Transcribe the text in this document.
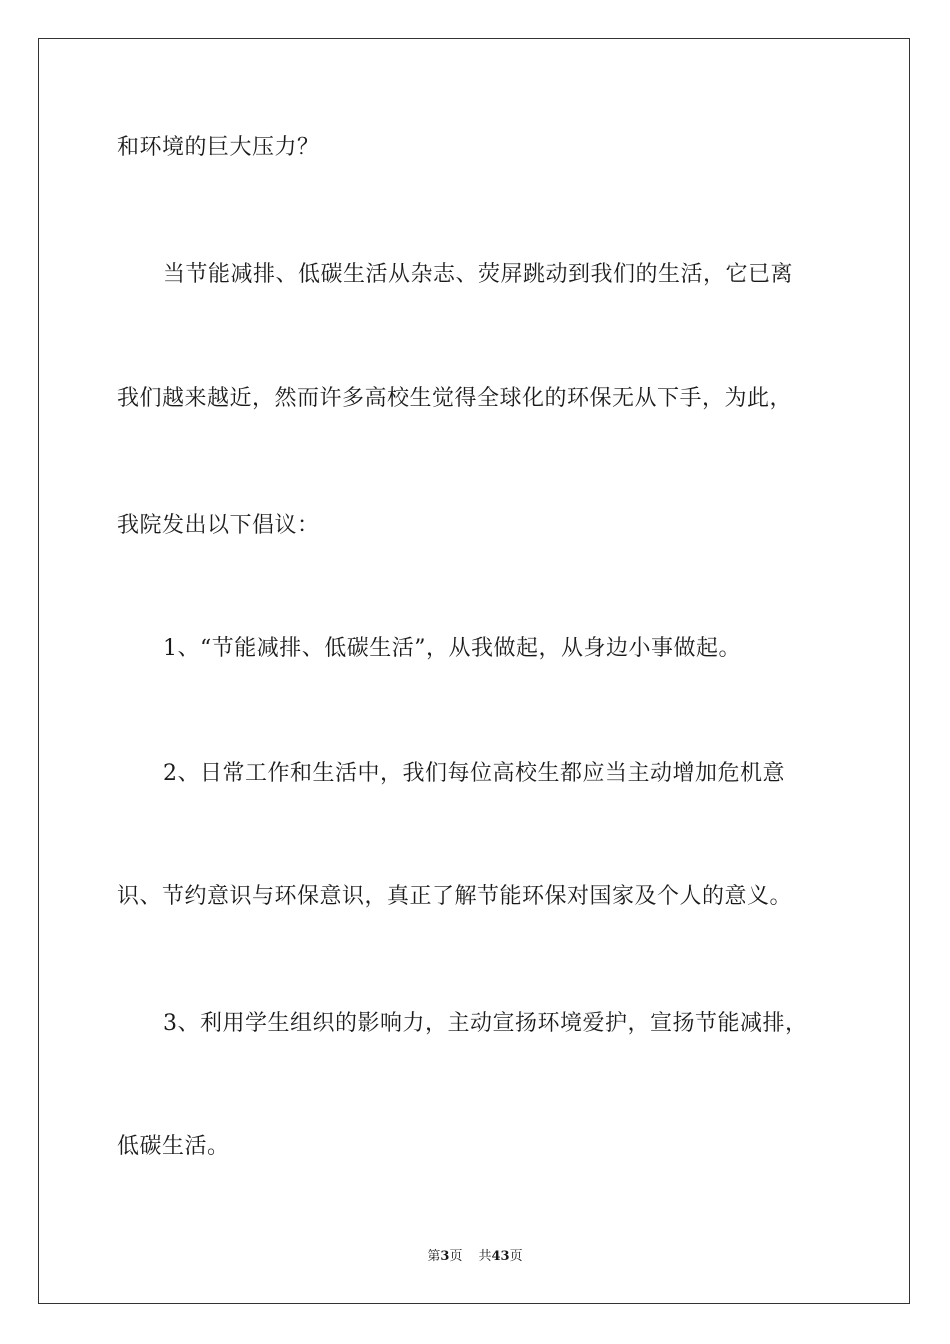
和环境的巨大压力？
当节能减排、低碳生活从杂志、荧屏跳动到我们的生活，它已离
我们越来越近，然而许多高校生觉得全球化的环保无从下手，为此，
我院发出以下倡议：
1、“节能减排、低碳生活”，从我做起，从身边小事做起。
2、日常工作和生活中，我们每位高校生都应当主动增加危机意
识、节约意识与环保意识，真正了解节能环保对国家及个人的意义。
3、利用学生组织的影响力，主动宣扬环境爱护，宣扬节能减排，
低碳生活。
第3页 共43页
